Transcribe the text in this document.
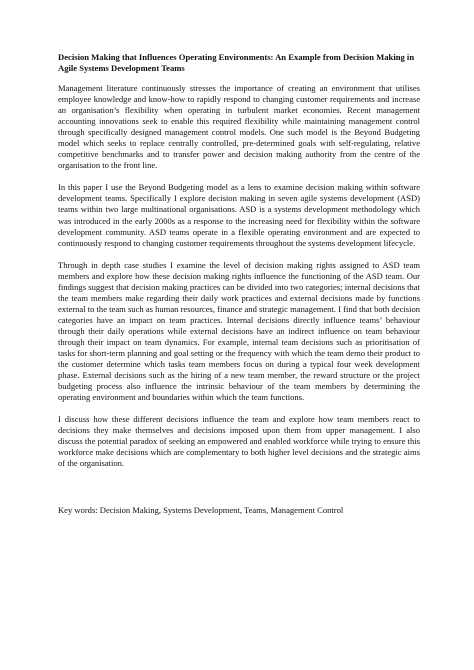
Decision Making that Influences Operating Environments: An Example from Decision Making in Agile Systems Development Teams

Management literature continuously stresses the importance of creating an environment that utilises employee knowledge and know-how to rapidly respond to changing customer requirements and increase an organisation’s flexibility when operating in turbulent market economies. Recent management accounting innovations seek to enable this required flexibility while maintaining management control through specifically designed management control models. One such model is the Beyond Budgeting model which seeks to replace centrally controlled, pre-determined goals with self-regulating, relative competitive benchmarks and to transfer power and decision making authority from the centre of the organisation to the front line.

In this paper I use the Beyond Budgeting model as a lens to examine decision making within software development teams. Specifically I explore decision making in seven agile systems development (ASD) teams within two large multinational organisations. ASD is a systems development methodology which was introduced in the early 2000s as a response to the increasing need for flexibility within the software development community. ASD teams operate in a flexible operating environment and are expected to continuously respond to changing customer requirements throughout the systems development lifecycle.

Through in depth case studies I examine the level of decision making rights assigned to ASD team members and explore how these decision making rights influence the functioning of the ASD team. Our findings suggest that decision making practices can be divided into two categories; internal decisions that the team members make regarding their daily work practices and external decisions made by functions external to the team such as human resources, finance and strategic management. I find that both decision categories have an impact on team practices. Internal decisions directly influence teams’ behaviour through their daily operations while external decisions have an indirect influence on team behaviour through their impact on team dynamics. For example, internal team decisions such as prioritisation of tasks for short-term planning and goal setting or the frequency with which the team demo their product to the customer determine which tasks team members focus on during a typical four week development phase. External decisions such as the hiring of a new team member, the reward structure or the project budgeting process also influence the intrinsic behaviour of the team members by determining the operating environment and boundaries within which the team functions.

I discuss how these different decisions influence the team and explore how team members react to decisions they make themselves and decisions imposed upon them from upper management. I also discuss the potential paradox of seeking an empowered and enabled workforce while trying to ensure this workforce make decisions which are complementary to both higher level decisions and the strategic aims of the organisation.

Key words: Decision Making, Systems Development, Teams, Management Control
